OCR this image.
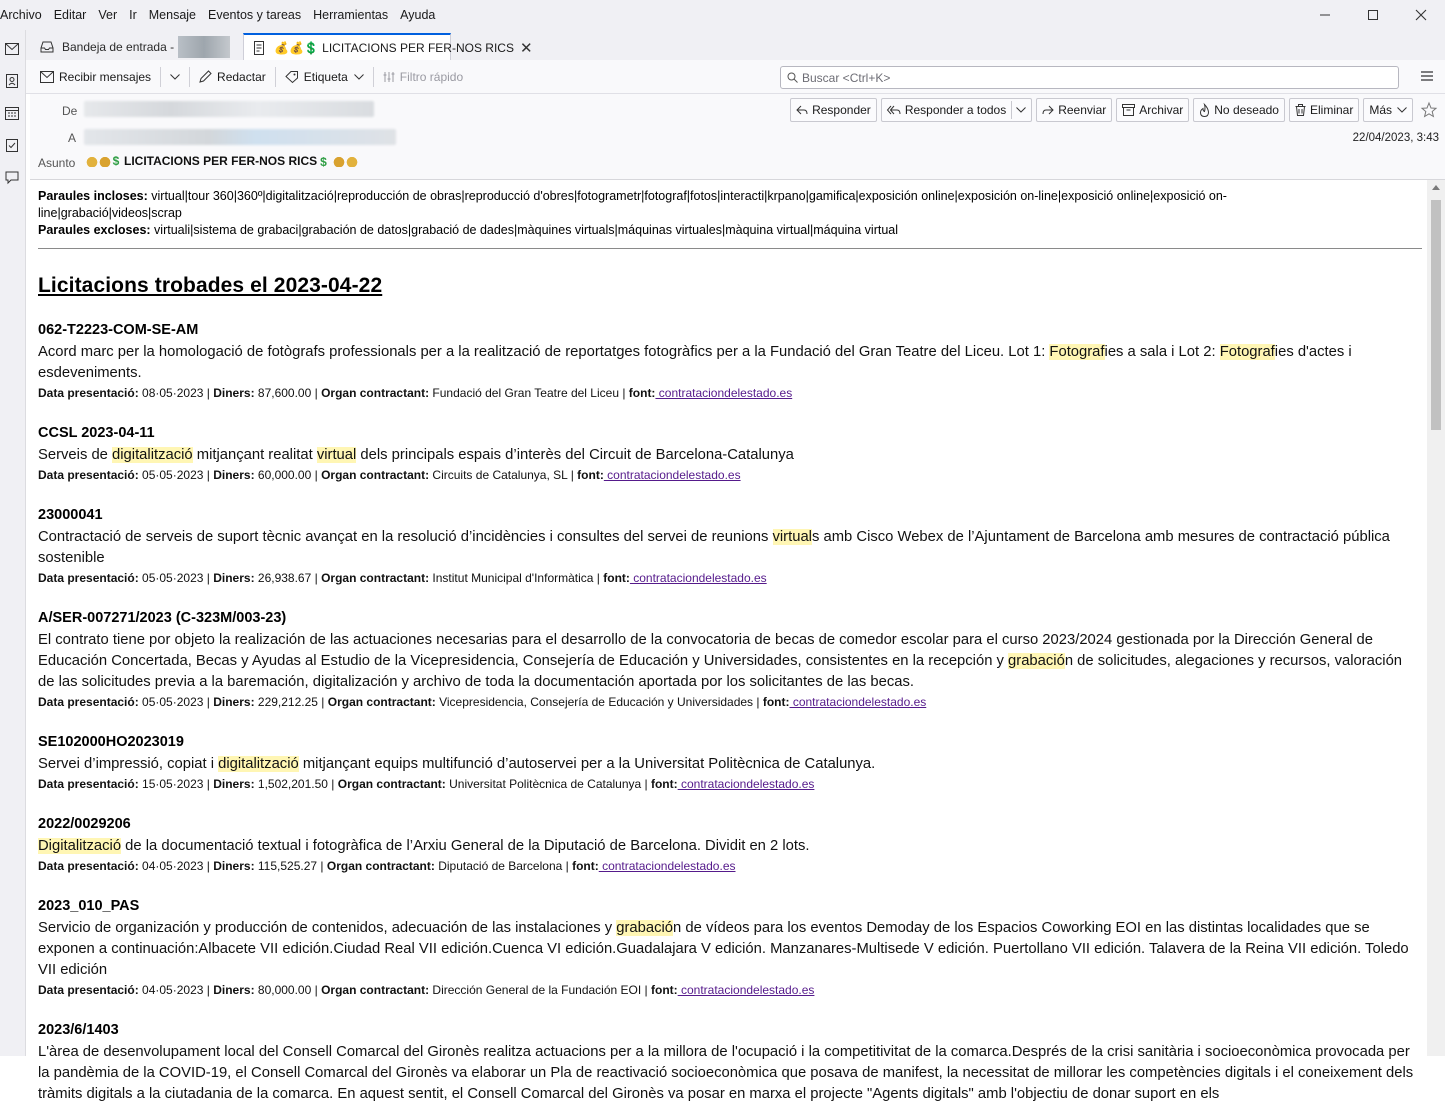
Archivo Editar Ver Ir Mensaje Eventos y tareas Herramientas Ayuda
Bandeja de entrada -	💰💰💲 LICITACIONS PER FER-NOS RICS ✕
Recibir mensajes	Redactar	Etiqueta	Filtro rápido	Buscar <Ctrl+K>
De
A
Asunto	$ LICITACIONS PER FER-NOS RICS $
Responder	Responder a todos	Reenviar	Archivar	No deseado	Eliminar Más
22/04/2023, 3:43
Paraules incloses: virtual|tour 360|360º|digitalització|reproducción de obras|reproducció d'obres|fotogrametr|fotograf|fotos|interacti|krpano|gamifica|exposición online|exposición on-line|exposició online|exposició on-
line|grabació|videos|scrap
Paraules excloses: virtuali|sistema de grabaci|grabación de datos|grabació de dades|màquines virtuals|máquinas virtuales|màquina virtual|máquina virtual
Licitacions trobades el 2023-04-22
062-T2223-COM-SE-AM
Acord marc per la homologació de fotògrafs professionals per a la realització de reportatges fotogràfics per a la Fundació del Gran Teatre del Liceu. Lot 1: Fotografies a sala i Lot 2: Fotografies d'actes i esdeveniments.
Data presentació: 08·05·2023 | Diners: 87,600.00 | Organ contractant: Fundació del Gran Teatre del Liceu | font: contrataciondelestado.es
CCSL 2023-04-11
Serveis de digitalització mitjançant realitat virtual dels principals espais d’interès del Circuit de Barcelona-Catalunya
Data presentació: 05·05·2023 | Diners: 60,000.00 | Organ contractant: Circuits de Catalunya, SL | font: contrataciondelestado.es
23000041
Contractació de serveis de suport tècnic avançat en la resolució d’incidències i consultes del servei de reunions virtuals amb Cisco Webex de l’Ajuntament de Barcelona amb mesures de contractació pública sostenible
Data presentació: 05·05·2023 | Diners: 26,938.67 | Organ contractant: Institut Municipal d'Informàtica | font: contrataciondelestado.es
A/SER-007271/2023 (C-323M/003-23)
El contrato tiene por objeto la realización de las actuaciones necesarias para el desarrollo de la convocatoria de becas de comedor escolar para el curso 2023/2024 gestionada por la Dirección General de Educación Concertada, Becas y Ayudas al Estudio de la Vicepresidencia, Consejería de Educación y Universidades, consistentes en la recepción y grabación de solicitudes, alegaciones y recursos, valoración de las solicitudes previa a la baremación, digitalización y archivo de toda la documentación aportada por los solicitantes de las becas.
Data presentació: 05·05·2023 | Diners: 229,212.25 | Organ contractant: Vicepresidencia, Consejería de Educación y Universidades | font: contrataciondelestado.es
SE102000HO2023019
Servei d’impressió, copiat i digitalització mitjançant equips multifunció d’autoservei per a la Universitat Politècnica de Catalunya.
Data presentació: 15·05·2023 | Diners: 1,502,201.50 | Organ contractant: Universitat Politècnica de Catalunya | font: contrataciondelestado.es
2022/0029206
Digitalització de la documentació textual i fotogràfica de l’Arxiu General de la Diputació de Barcelona. Dividit en 2 lots.
Data presentació: 04·05·2023 | Diners: 115,525.27 | Organ contractant: Diputació de Barcelona | font: contrataciondelestado.es
2023_010_PAS
Servicio de organización y producción de contenidos, adecuación de las instalaciones y grabación de vídeos para los eventos Demoday de los Espacios Coworking EOI en las distintas localidades que se exponen a continuación:Albacete VII edición.Ciudad Real VII edición.Cuenca VI edición.Guadalajara V edición. Manzanares-Multisede V edición. Puertollano VII edición. Talavera de la Reina VII edición. Toledo VII edición
Data presentació: 04·05·2023 | Diners: 80,000.00 | Organ contractant: Dirección General de la Fundación EOI | font: contrataciondelestado.es
2023/6/1403
L'àrea de desenvolupament local del Consell Comarcal del Gironès realitza actuacions per a la millora de l'ocupació i la competitivitat de la comarca.Després de la crisi sanitària i socioeconòmica provocada per la pandèmia de la COVID-19, el Consell Comarcal del Gironès va elaborar un Pla de reactivació socioeconòmica que posava de manifest, la necessitat de millorar les competències digitals i el coneixement dels tràmits digitals a la ciutadania de la comarca. En aquest sentit, el Consell Comarcal del Gironès va posar en marxa el projecte "Agents digitals" amb l'objectiu de donar suport en els
